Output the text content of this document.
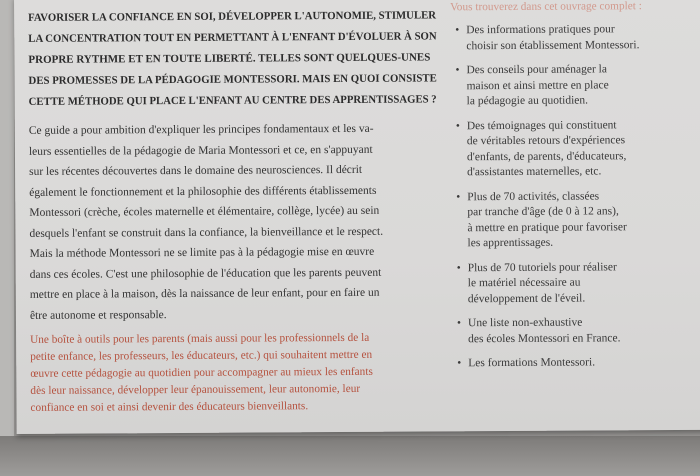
FAVORISER LA CONFIANCE EN SOI, DÉVELOPPER L'AUTONOMIE, STIMULER
LA CONCENTRATION TOUT EN PERMETTANT À L'ENFANT D'ÉVOLUER À SON
PROPRE RYTHME ET EN TOUTE LIBERTÉ. TELLES SONT QUELQUES-UNES
DES PROMESSES DE LA PÉDAGOGIE MONTESSORI. MAIS EN QUOI CONSISTE
CETTE MÉTHODE QUI PLACE L'ENFANT AU CENTRE DES APPRENTISSAGES ?
Ce guide a pour ambition d'expliquer les principes fondamentaux et les va-
leurs essentielles de la pédagogie de Maria Montessori et ce, en s'appuyant
sur les récentes découvertes dans le domaine des neurosciences. Il décrit
également le fonctionnement et la philosophie des différents établissements
Montessori (crèche, écoles maternelle et élémentaire, collège, lycée) au sein
desquels l'enfant se construit dans la confiance, la bienveillance et le respect.
Mais la méthode Montessori ne se limite pas à la pédagogie mise en œuvre
dans ces écoles. C'est une philosophie de l'éducation que les parents peuvent
mettre en place à la maison, dès la naissance de leur enfant, pour en faire un
être autonome et responsable.
Une boîte à outils pour les parents (mais aussi pour les professionnels de la
petite enfance, les professeurs, les éducateurs, etc.) qui souhaitent mettre en
œuvre cette pédagogie au quotidien pour accompagner au mieux les enfants
dès leur naissance, développer leur épanouissement, leur autonomie, leur
confiance en soi et ainsi devenir des éducateurs bienveillants.
Vous trouverez dans cet ouvrage complet :
• Des informations pratiques pour
choisir son établissement Montessori.
• Des conseils pour aménager la
maison et ainsi mettre en place
la pédagogie au quotidien.
• Des témoignages qui constituent
de véritables retours d'expériences
d'enfants, de parents, d'éducateurs,
d'assistantes maternelles, etc.
• Plus de 70 activités, classées
par tranche d'âge (de 0 à 12 ans),
à mettre en pratique pour favoriser
les apprentissages.
• Plus de 70 tutoriels pour réaliser
le matériel nécessaire au
développement de l'éveil.
• Une liste non-exhaustive
des écoles Montessori en France.
• Les formations Montessori.
